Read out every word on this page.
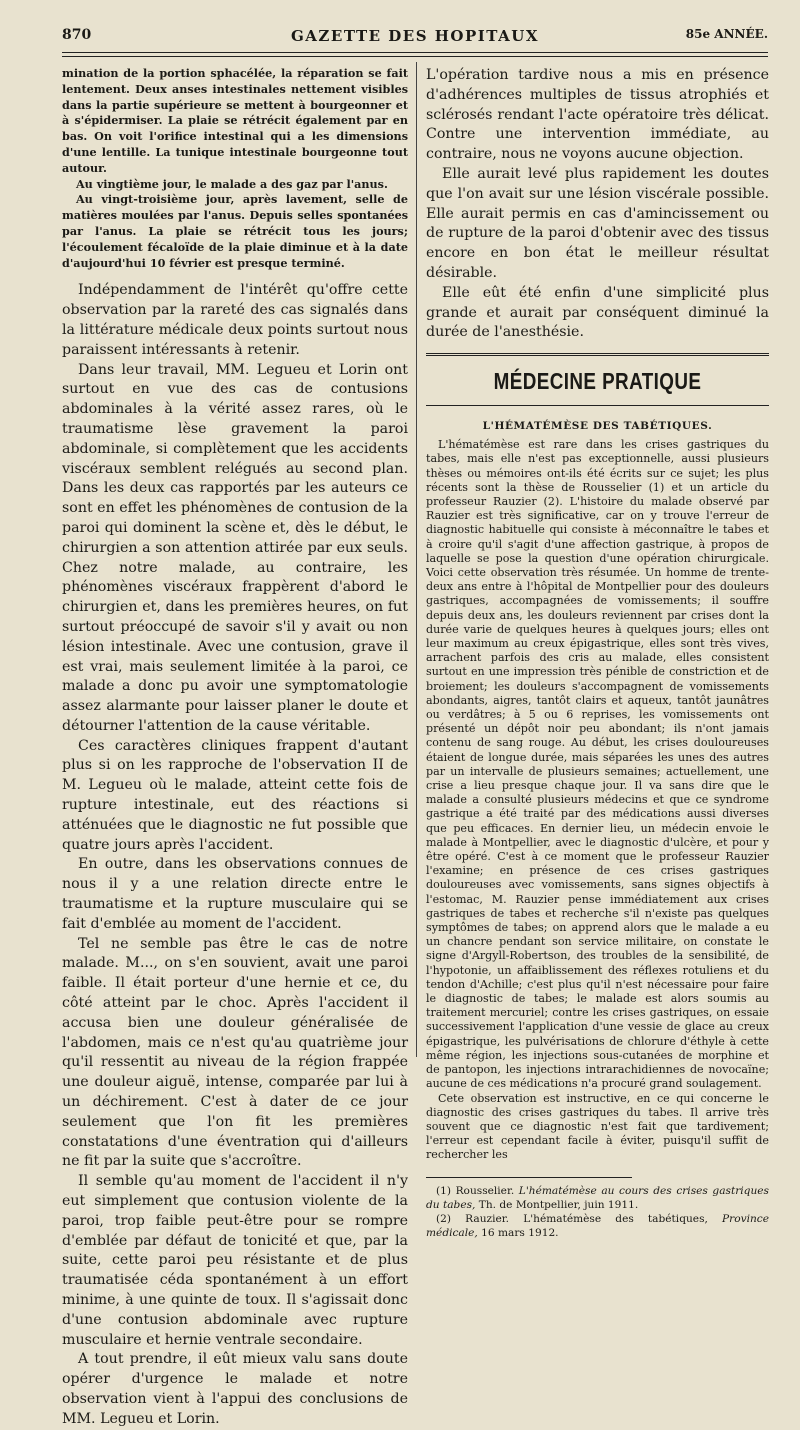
870	GAZETTE DES HOPITAUX	85e ANNÉE.

mination de la portion sphacélée, la réparation se fait lentement. Deux anses intestinales nettement visibles dans la partie supérieure se mettent à bourgeonner et à s'épidermiser. La plaie se rétrécit également par en bas. On voit l'orifice intestinal qui a les dimensions d'une lentille. La tunique intestinale bourgeonne tout autour.

Au vingtième jour, le malade a des gaz par l'anus.

Au vingt-troisième jour, après lavement, selle de matières moulées par l'anus. Depuis selles spontanées par l'anus. La plaie se rétrécit tous les jours; l'écoulement fécaloïde de la plaie diminue et à la date d'aujourd'hui 10 février est presque terminé.

Indépendamment de l'intérêt qu'offre cette observation par la rareté des cas signalés dans la littérature médicale deux points surtout nous paraissent intéressants à retenir.

Dans leur travail, MM. Legueu et Lorin ont surtout en vue des cas de contusions abdominales à la vérité assez rares, où le traumatisme lèse gravement la paroi abdominale, si complètement que les accidents viscéraux semblent relégués au second plan. Dans les deux cas rapportés par les auteurs ce sont en effet les phénomènes de contusion de la paroi qui dominent la scène et, dès le début, le chirurgien a son attention attirée par eux seuls. Chez notre malade, au contraire, les phénomènes viscéraux frappèrent d'abord le chirurgien et, dans les premières heures, on fut surtout préoccupé de savoir s'il y avait ou non lésion intestinale. Avec une contusion, grave il est vrai, mais seulement limitée à la paroi, ce malade a donc pu avoir une symptomatologie assez alarmante pour laisser planer le doute et détourner l'attention de la cause véritable.

Ces caractères cliniques frappent d'autant plus si on les rapproche de l'observation II de M. Legueu où le malade, atteint cette fois de rupture intestinale, eut des réactions si atténuées que le diagnostic ne fut possible que quatre jours après l'accident.

En outre, dans les observations connues de nous il y a une relation directe entre le traumatisme et la rupture musculaire qui se fait d'emblée au moment de l'accident.

Tel ne semble pas être le cas de notre malade. M..., on s'en souvient, avait une paroi faible. Il était porteur d'une hernie et ce, du côté atteint par le choc. Après l'accident il accusa bien une douleur généralisée de l'abdomen, mais ce n'est qu'au quatrième jour qu'il ressentit au niveau de la région frappée une douleur aiguë, intense, comparée par lui à un déchirement. C'est à dater de ce jour seulement que l'on fit les premières constatations d'une éventration qui d'ailleurs ne fit par la suite que s'accroître.

Il semble qu'au moment de l'accident il n'y eut simplement que contusion violente de la paroi, trop faible peut-être pour se rompre d'emblée par défaut de tonicité et que, par la suite, cette paroi peu résistante et de plus traumatisée céda spontanément à un effort minime, à une quinte de toux. Il s'agissait donc d'une contusion abdominale avec rupture musculaire et hernie ventrale secondaire.

A tout prendre, il eût mieux valu sans doute opérer d'urgence le malade et notre observation vient à l'appui des conclusions de MM. Legueu et Lorin.

L'opération tardive nous a mis en présence d'adhérences multiples de tissus atrophiés et sclérosés rendant l'acte opératoire très délicat. Contre une intervention immédiate, au contraire, nous ne voyons aucune objection.

Elle aurait levé plus rapidement les doutes que l'on avait sur une lésion viscérale possible. Elle aurait permis en cas d'amincissement ou de rupture de la paroi d'obtenir avec des tissus encore en bon état le meilleur résultat désirable.

Elle eût été enfin d'une simplicité plus grande et aurait par conséquent diminué la durée de l'anesthésie.

MÉDECINE PRATIQUE
L'HÉMATÉMÈSE DES TABÉTIQUES.

L'hématémèse est rare dans les crises gastriques du tabes, mais elle n'est pas exceptionnelle, aussi plusieurs thèses ou mémoires ont-ils été écrits sur ce sujet; les plus récents sont la thèse de Rousselier (1) et un article du professeur Rauzier (2). L'histoire du malade observé par Rauzier est très significative, car on y trouve l'erreur de diagnostic habituelle qui consiste à méconnaître le tabes et à croire qu'il s'agit d'une affection gastrique, à propos de laquelle se pose la question d'une opération chirurgicale. Voici cette observation très résumée. Un homme de trente-deux ans entre à l'hôpital de Montpellier pour des douleurs gastriques, accompagnées de vomissements; il souffre depuis deux ans, les douleurs reviennent par crises dont la durée varie de quelques heures à quelques jours; elles ont leur maximum au creux épigastrique, elles sont très vives, arrachent parfois des cris au malade, elles consistent surtout en une impression très pénible de constriction et de broiement; les douleurs s'accompagnent de vomissements abondants, aigres, tantôt clairs et aqueux, tantôt jaunâtres ou verdâtres; à 5 ou 6 reprises, les vomissements ont présenté un dépôt noir peu abondant; ils n'ont jamais contenu de sang rouge. Au début, les crises douloureuses étaient de longue durée, mais séparées les unes des autres par un intervalle de plusieurs semaines; actuellement, une crise a lieu presque chaque jour. Il va sans dire que le malade a consulté plusieurs médecins et que ce syndrome gastrique a été traité par des médications aussi diverses que peu efficaces. En dernier lieu, un médecin envoie le malade à Montpellier, avec le diagnostic d'ulcère, et pour y être opéré. C'est à ce moment que le professeur Rauzier l'examine; en présence de ces crises gastriques douloureuses avec vomissements, sans signes objectifs à l'estomac, M. Rauzier pense immédiatement aux crises gastriques de tabes et recherche s'il n'existe pas quelques symptômes de tabes; on apprend alors que le malade a eu un chancre pendant son service militaire, on constate le signe d'Argyll-Robertson, des troubles de la sensibilité, de l'hypotonie, un affaiblissement des réflexes rotuliens et du tendon d'Achille; c'est plus qu'il n'est nécessaire pour faire le diagnostic de tabes; le malade est alors soumis au traitement mercuriel; contre les crises gastriques, on essaie successivement l'application d'une vessie de glace au creux épigastrique, les pulvérisations de chlorure d'éthyle à cette même région, les injections sous-cutanées de morphine et de pantopon, les injections intrarachidiennes de novocaïne; aucune de ces médications n'a procuré grand soulagement.

Cete observation est instructive, en ce qui concerne le diagnostic des crises gastriques du tabes. Il arrive très souvent que ce diagnostic n'est fait que tardivement; l'erreur est cependant facile à éviter, puisqu'il suffit de rechercher les

(1) Rousselier. L'hématémèse au cours des crises gastriques du tabes, Th. de Montpellier, juin 1911.

(2) Rauzier. L'hématémèse des tabétiques, Province médicale, 16 mars 1912.
